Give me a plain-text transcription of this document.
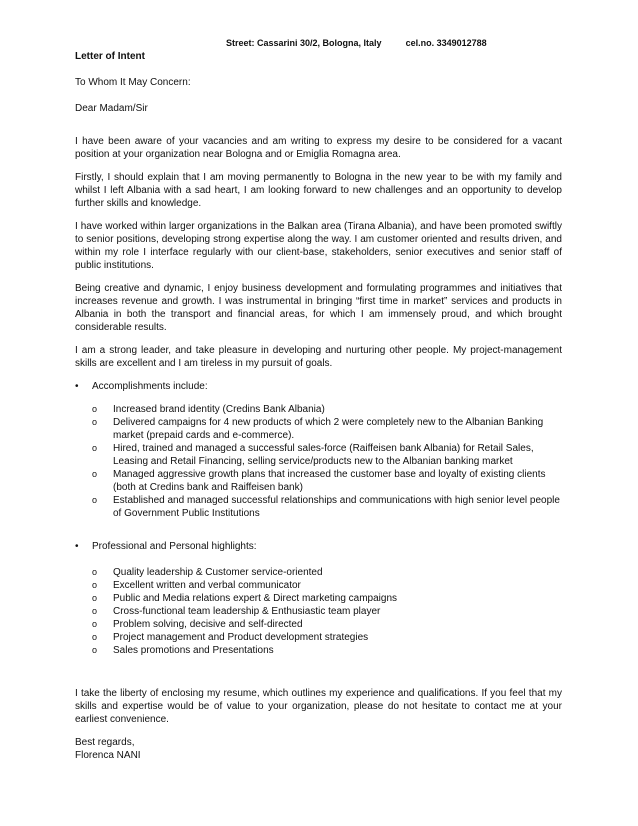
Street: Cassarini 30/2, Bologna, Italy	cel.no. 3349012788

Letter of Intent

To Whom It May Concern:

Dear Madam/Sir

I have been aware of your vacancies and am writing to express my desire to be considered for a vacant position at your organization near Bologna and or Emiglia Romagna area.

Firstly, I should explain that I am moving permanently to Bologna in the new year to be with my family and whilst I left Albania with a sad heart, I am looking forward to new challenges and an opportunity to develop further skills and knowledge.

I have worked within larger organizations in the Balkan area (Tirana Albania), and have been promoted swiftly to senior positions, developing strong expertise along the way. I am customer oriented and results driven, and within my role I interface regularly with our client-base, stakeholders, senior executives and senior staff of public institutions.

Being creative and dynamic, I enjoy business development and formulating programmes and initiatives that increases revenue and growth. I was instrumental in bringing “first time in market” services and products in Albania in both the transport and financial areas, for which I am immensely proud, and which brought considerable results.

I am a strong leader, and take pleasure in developing and nurturing other people. My project-management skills are excellent and I am tireless in my pursuit of goals.

• Accomplishments include:
o Increased brand identity (Credins Bank Albania)
o Delivered campaigns for 4 new products of which 2 were completely new to the Albanian Banking market (prepaid cards and e-commerce).
o Hired, trained and managed a successful sales-force (Raiffeisen bank Albania) for Retail Sales, Leasing and Retail Financing, selling service/products new to the Albanian banking market
o Managed aggressive growth plans that increased the customer base and loyalty of existing clients (both at Credins bank and Raiffeisen bank)
o Established and managed successful relationships and communications with high senior level people of Government Public Institutions
• Professional and Personal highlights:
o Quality leadership & Customer service-oriented
o Excellent written and verbal communicator
o Public and Media relations expert & Direct marketing campaigns
o Cross-functional team leadership & Enthusiastic team player
o Problem solving, decisive and self-directed
o Project management and Product development strategies
o Sales promotions and Presentations

I take the liberty of enclosing my resume, which outlines my experience and qualifications. If you feel that my skills and expertise would be of value to your organization, please do not hesitate to contact me at your earliest convenience.

Best regards,

Florenca NANI
